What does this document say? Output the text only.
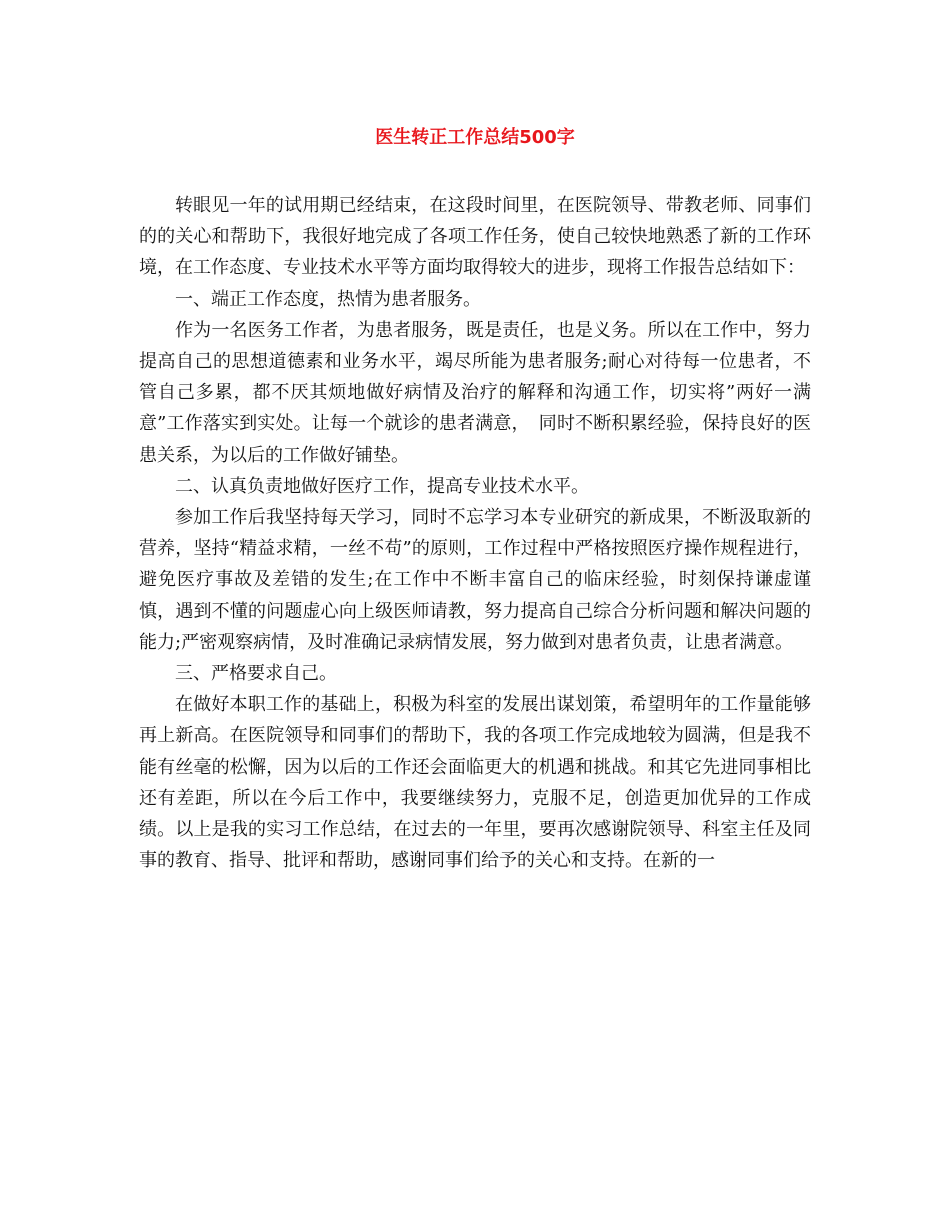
医生转正工作总结500字

转眼见一年的试用期已经结束，在这段时间里，在医院领导、带教老师、同事们的的关心和帮助下，我很好地完成了各项工作任务，使自己较快地熟悉了新的工作环境，在工作态度、专业技术水平等方面均取得较大的进步，现将工作报告总结如下：

一、端正工作态度，热情为患者服务。

作为一名医务工作者，为患者服务，既是责任，也是义务。所以在工作中，努力提高自己的思想道德素和业务水平，竭尽所能为患者服务;耐心对待每一位患者，不管自己多累，都不厌其烦地做好病情及治疗的解释和沟通工作，切实将”两好一满意”工作落实到实处。让每一个就诊的患者满意，　同时不断积累经验，保持良好的医患关系，为以后的工作做好铺垫。

二、认真负责地做好医疗工作，提高专业技术水平。

参加工作后我坚持每天学习，同时不忘学习本专业研究的新成果，不断汲取新的营养，坚持“精益求精，一丝不苟”的原则，工作过程中严格按照医疗操作规程进行，避免医疗事故及差错的发生;在工作中不断丰富自己的临床经验，时刻保持谦虚谨慎，遇到不懂的问题虚心向上级医师请教，努力提高自己综合分析问题和解决问题的能力;严密观察病情，及时准确记录病情发展，努力做到对患者负责，让患者满意。

三、严格要求自己。

在做好本职工作的基础上，积极为科室的发展出谋划策，希望明年的工作量能够再上新高。在医院领导和同事们的帮助下，我的各项工作完成地较为圆满，但是我不能有丝毫的松懈，因为以后的工作还会面临更大的机遇和挑战。和其它先进同事相比还有差距，所以在今后工作中，我要继续努力，克服不足，创造更加优异的工作成绩。以上是我的实习工作总结，在过去的一年里，要再次感谢院领导、科室主任及同事的教育、指导、批评和帮助，感谢同事们给予的关心和支持。在新的一
